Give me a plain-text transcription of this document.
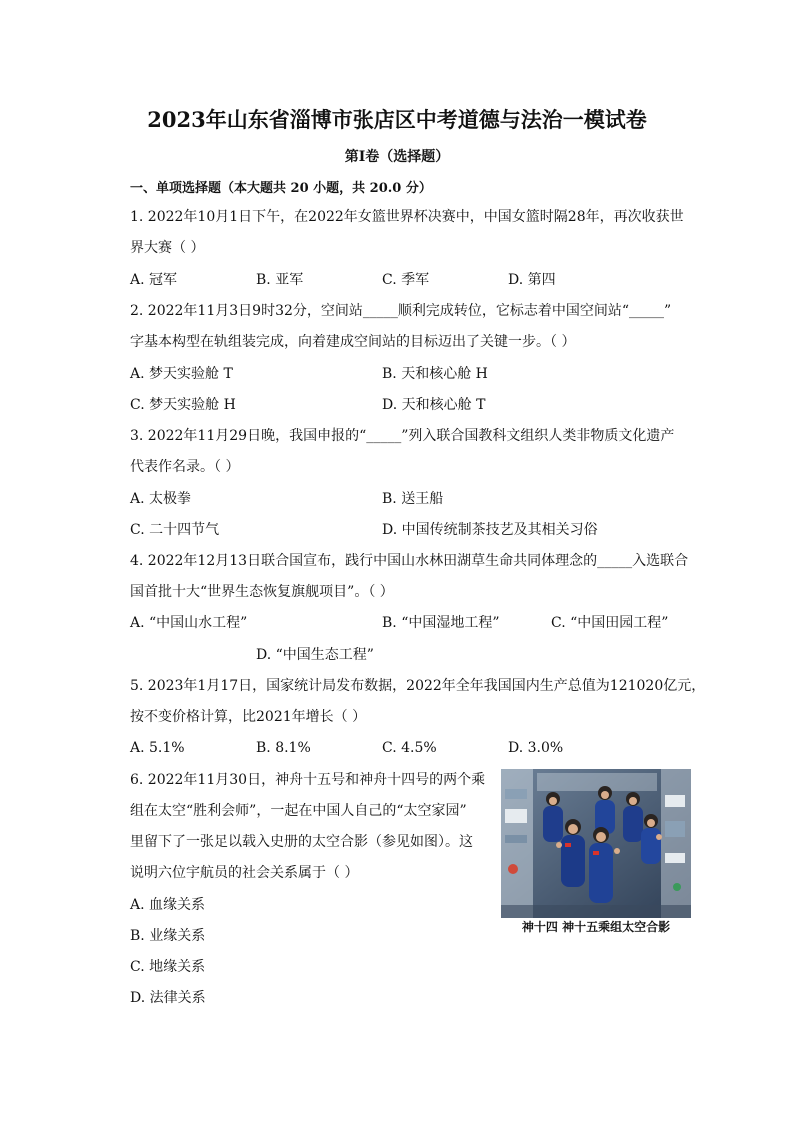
2023年山东省淄博市张店区中考道德与法治一模试卷
第I卷（选择题）
一、单项选择题（本大题共 20 小题，共 20.0 分）
1. 2022年10月1日下午，在2022年女篮世界杯决赛中，中国女篮时隔28年，再次收获世
界大赛（ ）
A. 冠军	B. 亚军	C. 季军	D. 第四
2. 2022年11月3日9时32分，空间站_____顺利完成转位，它标志着中国空间站“_____”
字基本构型在轨组装完成，向着建成空间站的目标迈出了关键一步。（ ）
A. 梦天实验舱 T	B. 天和核心舱 H
C. 梦天实验舱 H	D. 天和核心舱 T
3. 2022年11月29日晚，我国申报的“_____”列入联合国教科文组织人类非物质文化遗产
代表作名录。（ ）
A. 太极拳	B. 送王船
C. 二十四节气	D. 中国传统制茶技艺及其相关习俗
4. 2022年12月13日联合国宣布，践行中国山水林田湖草生命共同体理念的_____入选联合
国首批十大“世界生态恢复旗舰项目”。（ ）
A. “中国山水工程”	B. “中国湿地工程”	C. “中国田园工程”
D. “中国生态工程”
5. 2023年1月17日，国家统计局发布数据，2022年全年我国国内生产总值为121020亿元，
按不变价格计算，比2021年增长（ ）
A. 5.1%	B. 8.1%	C. 4.5%	D. 3.0%
6. 2022年11月30日，神舟十五号和神舟十四号的两个乘
组在太空“胜利会师”，一起在中国人自己的“太空家园”
里留下了一张足以载入史册的太空合影（参见如图）。这
说明六位宇航员的社会关系属于（ ）
A. 血缘关系
B. 业缘关系
C. 地缘关系
D. 法律关系
神十四 神十五乘组太空合影
